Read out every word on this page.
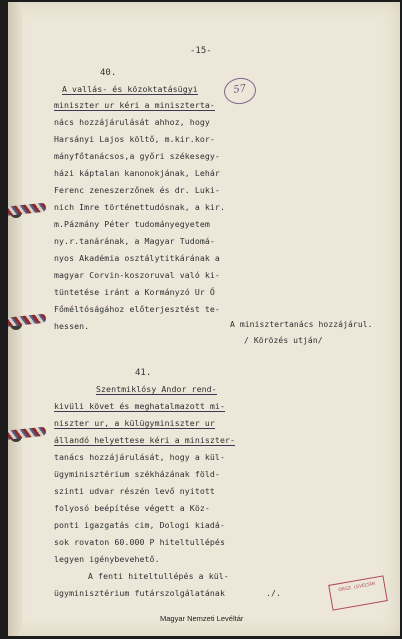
-15-
40.
57
A vallás- és közoktatásügyi
miniszter ur kéri a miniszterta-
nács hozzájárulását ahhoz, hogy
Harsányi Lajos költő, m.kir.kor-
mányfőtanácsos,a győri székesegy-
házi káptalan kanonokjának, Lehár
Ferenc zeneszerzőnek és dr. Luki-
nich Imre történettudósnak, a kir.
m.Pázmány Péter tudományegyetem
ny.r.tanárának, a Magyar Tudomá-
nyos Akadémia osztálytitkárának a
magyar Corvin-koszoruval való ki-
tüntetése iránt a Kormányzó Ur Ő
Főméltóságához előterjesztést te-
hessen.	A minisztertanács hozzájárul.
/ Körözés utján/
41.
Szentmiklósy Andor rend-
kivüli követ és meghatalmazott mi-
niszter ur, a külügyminiszter ur
állandó helyettese kéri a miniszter-
tanács hozzájárulását, hogy a kül-
ügyminisztérium székházának föld-
szinti udvar részén levő nyitott
folyosó beépítése végett a Köz-
ponti igazgatás cim, Dologi kiadá-
sok rovaton 60.000 P hiteltullépés
legyen igénybevehető.
A fenti hiteltullépés a kül-
ügyminisztérium futárszolgálatának	./.	ORSZ. LEVÉLTÁR
Magyar Nemzeti Levéltár
